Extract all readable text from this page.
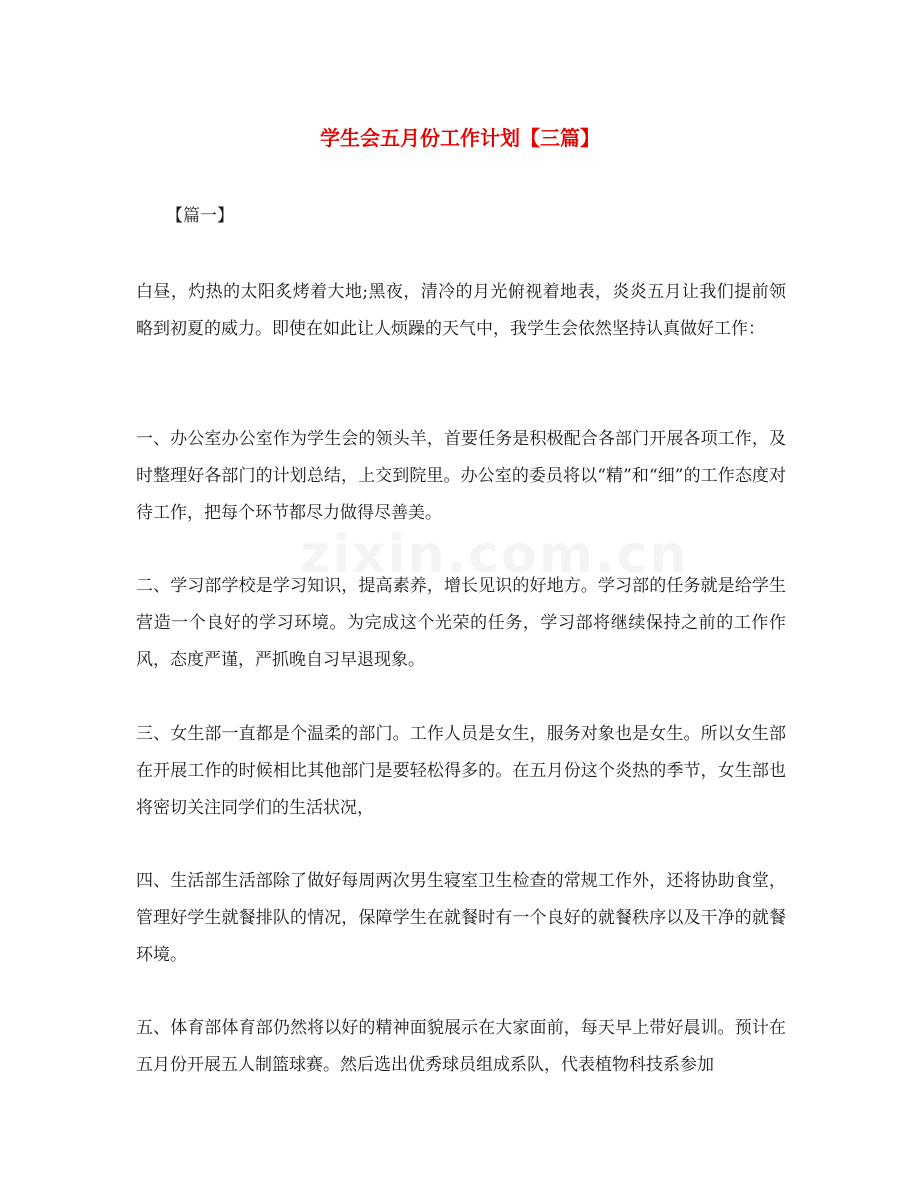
学生会五月份工作计划【三篇】
【篇一】
白昼，灼热的太阳炙烤着大地;黑夜，清冷的月光俯视着地表，炎炎五月让我们提前领略到初夏的威力。即使在如此让人烦躁的天气中，我学生会依然坚持认真做好工作：
一、办公室办公室作为学生会的领头羊，首要任务是积极配合各部门开展各项工作，及时整理好各部门的计划总结，上交到院里。办公室的委员将以“精”和“细”的工作态度对待工作，把每个环节都尽力做得尽善美。
二、学习部学校是学习知识，提高素养，增长见识的好地方。学习部的任务就是给学生营造一个良好的学习环境。为完成这个光荣的任务，学习部将继续保持之前的工作作风，态度严谨，严抓晚自习早退现象。
三、女生部一直都是个温柔的部门。工作人员是女生，服务对象也是女生。所以女生部在开展工作的时候相比其他部门是要轻松得多的。在五月份这个炎热的季节，女生部也将密切关注同学们的生活状况，
四、生活部生活部除了做好每周两次男生寝室卫生检查的常规工作外，还将协助食堂，管理好学生就餐排队的情况，保障学生在就餐时有一个良好的就餐秩序以及干净的就餐环境。
五、体育部体育部仍然将以好的精神面貌展示在大家面前，每天早上带好晨训。预计在五月份开展五人制篮球赛。然后选出优秀球员组成系队，代表植物科技系参加
